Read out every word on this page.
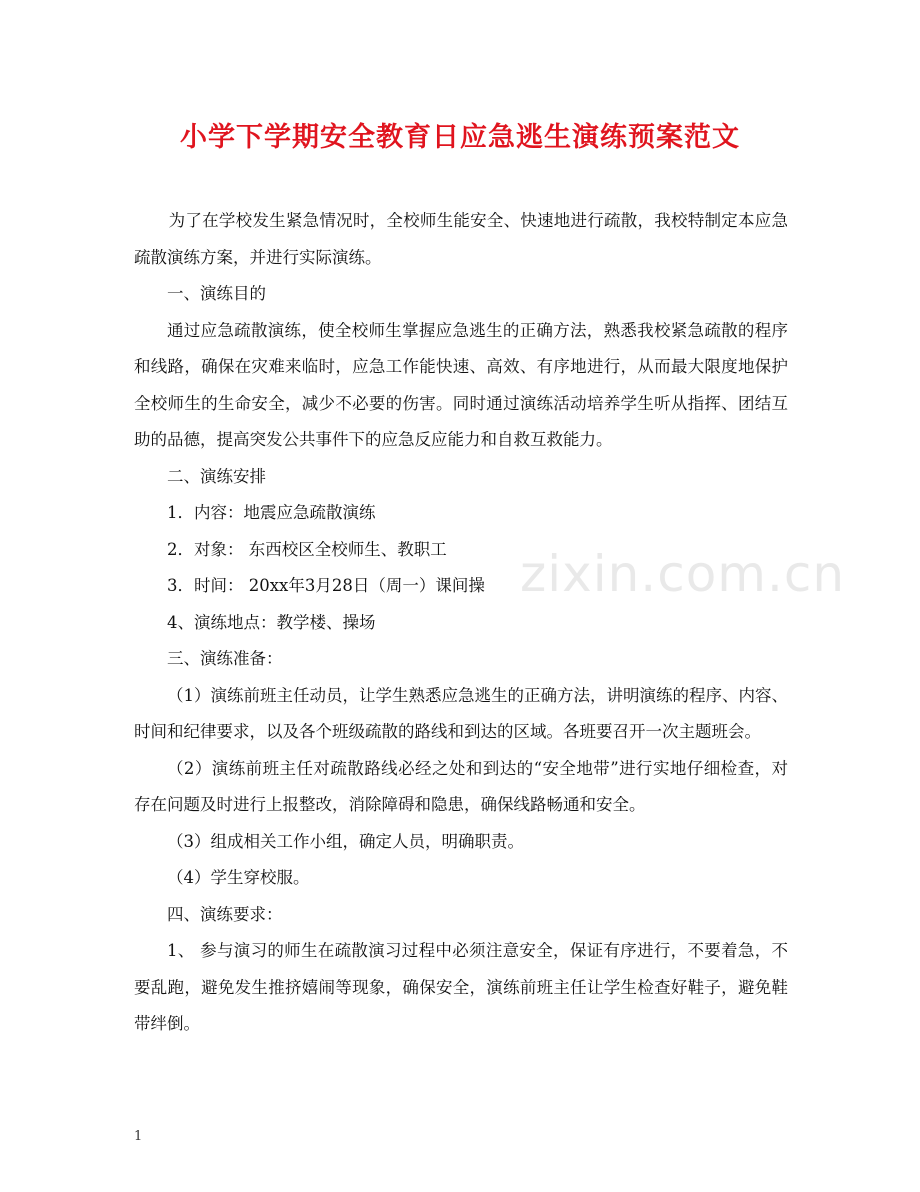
小学下学期安全教育日应急逃生演练预案范文

为了在学校发生紧急情况时，全校师生能安全、快速地进行疏散，我校特制定本应急疏散演练方案，并进行实际演练。

一、演练目的

通过应急疏散演练，使全校师生掌握应急逃生的正确方法，熟悉我校紧急疏散的程序和线路，确保在灾难来临时，应急工作能快速、高效、有序地进行，从而最大限度地保护全校师生的生命安全，减少不必要的伤害。同时通过演练活动培养学生听从指挥、团结互助的品德，提高突发公共事件下的应急反应能力和自救互救能力。

二、演练安排

1．内容：地震应急疏散演练

2．对象： 东西校区全校师生、教职工

3．时间： 20xx年3月28日（周一）课间操

4、演练地点：教学楼、操场

三、演练准备：

（1）演练前班主任动员，让学生熟悉应急逃生的正确方法，讲明演练的程序、内容、时间和纪律要求，以及各个班级疏散的路线和到达的区域。各班要召开一次主题班会。

（2）演练前班主任对疏散路线必经之处和到达的“安全地带”进行实地仔细检查，对存在问题及时进行上报整改，消除障碍和隐患，确保线路畅通和安全。

（3）组成相关工作小组，确定人员，明确职责。

（4）学生穿校服。

四、演练要求：

1、 参与演习的师生在疏散演习过程中必须注意安全，保证有序进行，不要着急，不要乱跑，避免发生推挤嬉闹等现象，确保安全，演练前班主任让学生检查好鞋子，避免鞋带绊倒。

zixin.com.cn
1
